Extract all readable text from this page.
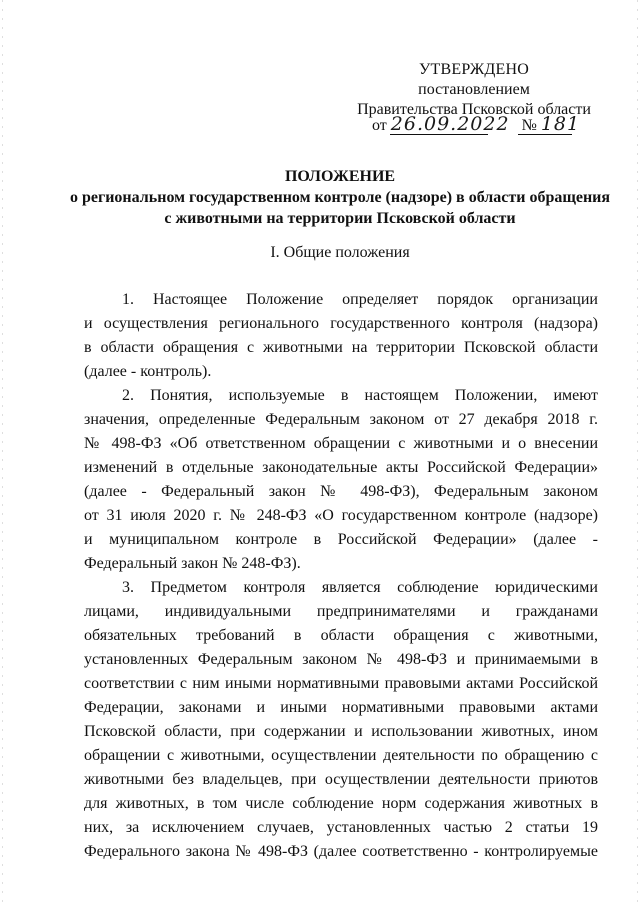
УТВЕРЖДЕНО
постановлением
Правительства Псковской области
от 26.09.2022 № 181
ПОЛОЖЕНИЕ
о региональном государственном контроле (надзоре) в области обращения
с животными на территории Псковской области
I. Общие положения
1. Настоящее Положение определяет порядок организации
и осуществления регионального государственного контроля (надзора)
в области обращения с животными на территории Псковской области
(далее - контроль).
2. Понятия, используемые в настоящем Положении, имеют
значения, определенные Федеральным законом от 27 декабря 2018 г.
№ 498-ФЗ «Об ответственном обращении с животными и о внесении
изменений в отдельные законодательные акты Российской Федерации»
(далее - Федеральный закон № 498-ФЗ), Федеральным законом
от 31 июля 2020 г. № 248-ФЗ «О государственном контроле (надзоре)
и муниципальном контроле в Российской Федерации» (далее -
Федеральный закон № 248-ФЗ).
3. Предметом контроля является соблюдение юридическими
лицами, индивидуальными предпринимателями и гражданами
обязательных требований в области обращения с животными,
установленных Федеральным законом № 498-ФЗ и принимаемыми в
соответствии с ним иными нормативными правовыми актами Российской
Федерации, законами и иными нормативными правовыми актами
Псковской области, при содержании и использовании животных, ином
обращении с животными, осуществлении деятельности по обращению с
животными без владельцев, при осуществлении деятельности приютов
для животных, в том числе соблюдение норм содержания животных в
них, за исключением случаев, установленных частью 2 статьи 19
Федерального закона № 498-ФЗ (далее соответственно - контролируемые
